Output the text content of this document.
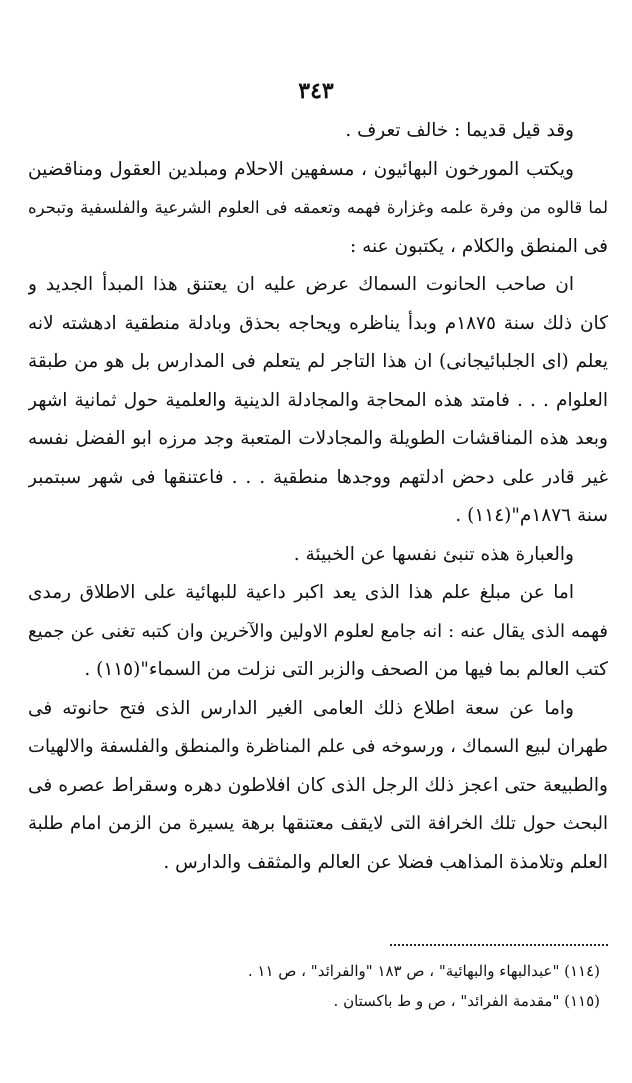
٣٤٣
وقد قيل قديما : خالف تعرف .
ويكتب المورخون البهائيون ، مسفهين الاحلام ومبلدين العقول ومناقضين
لما قالوه من وفرة علمه وغزارة فهمه وتعمقه فى العلوم الشرعية والفلسفية وتبحره
فى المنطق والكلام ، يكتبون عنه :
ان صاحب الحانوت السماك عرض عليه ان يعتنق هذا المبدأ الجديد و
كان ذلك سنة ١٨٧٥م وبدأ يناظره ويحاجه بحذق وبادلة منطقية ادهشته لانه
يعلم (اى الجلبائيجانى) ان هذا التاجر لم يتعلم فى المدارس بل هو من طبقة
العلوام . . . فامتد هذه المحاجة والمجادلة الدينية والعلمية حول ثمانية اشهر
وبعد هذه المناقشات الطويلة والمجادلات المتعبة وجد مرزه ابو الفضل نفسه
غير قادر على دحض ادلتهم ووجدها منطقية . . . فاعتنقها فى شهر سبتمبر
سنة ١٨٧٦م"(١١٤) .
والعبارة هذه تنبئ نفسها عن الخبيئة .
اما عن مبلغ علم هذا الذى يعد اكبر داعية للبهائية على الاطلاق رمدى
فهمه الذى يقال عنه : انه جامع لعلوم الاولين والآخرين وان كتبه تغنى عن جميع
كتب العالم بما فيها من الصحف والزبر التى نزلت من السماء"(١١٥) .
واما عن سعة اطلاع ذلك العامى الغير الدارس الذى فتح حانوته فى
طهران لبيع السماك ، ورسوخه فى علم المناظرة والمنطق والفلسفة والالهيات
والطبيعة حتى اعجز ذلك الرجل الذى كان افلاطون دهره وسقراط عصره فى
البحث حول تلك الخرافة التى لايقف معتنقها برهة يسيرة من الزمن امام طلبة
العلم وتلامذة المذاهب فضلا عن العالم والمثقف والدارس .
(١١٤) "عبدالبهاء والبهائية" ، ص ١٨٣ "والفرائد" ، ص ١١ .
(١١٥) "مقدمة الفرائد" ، ص و ط باكستان .
